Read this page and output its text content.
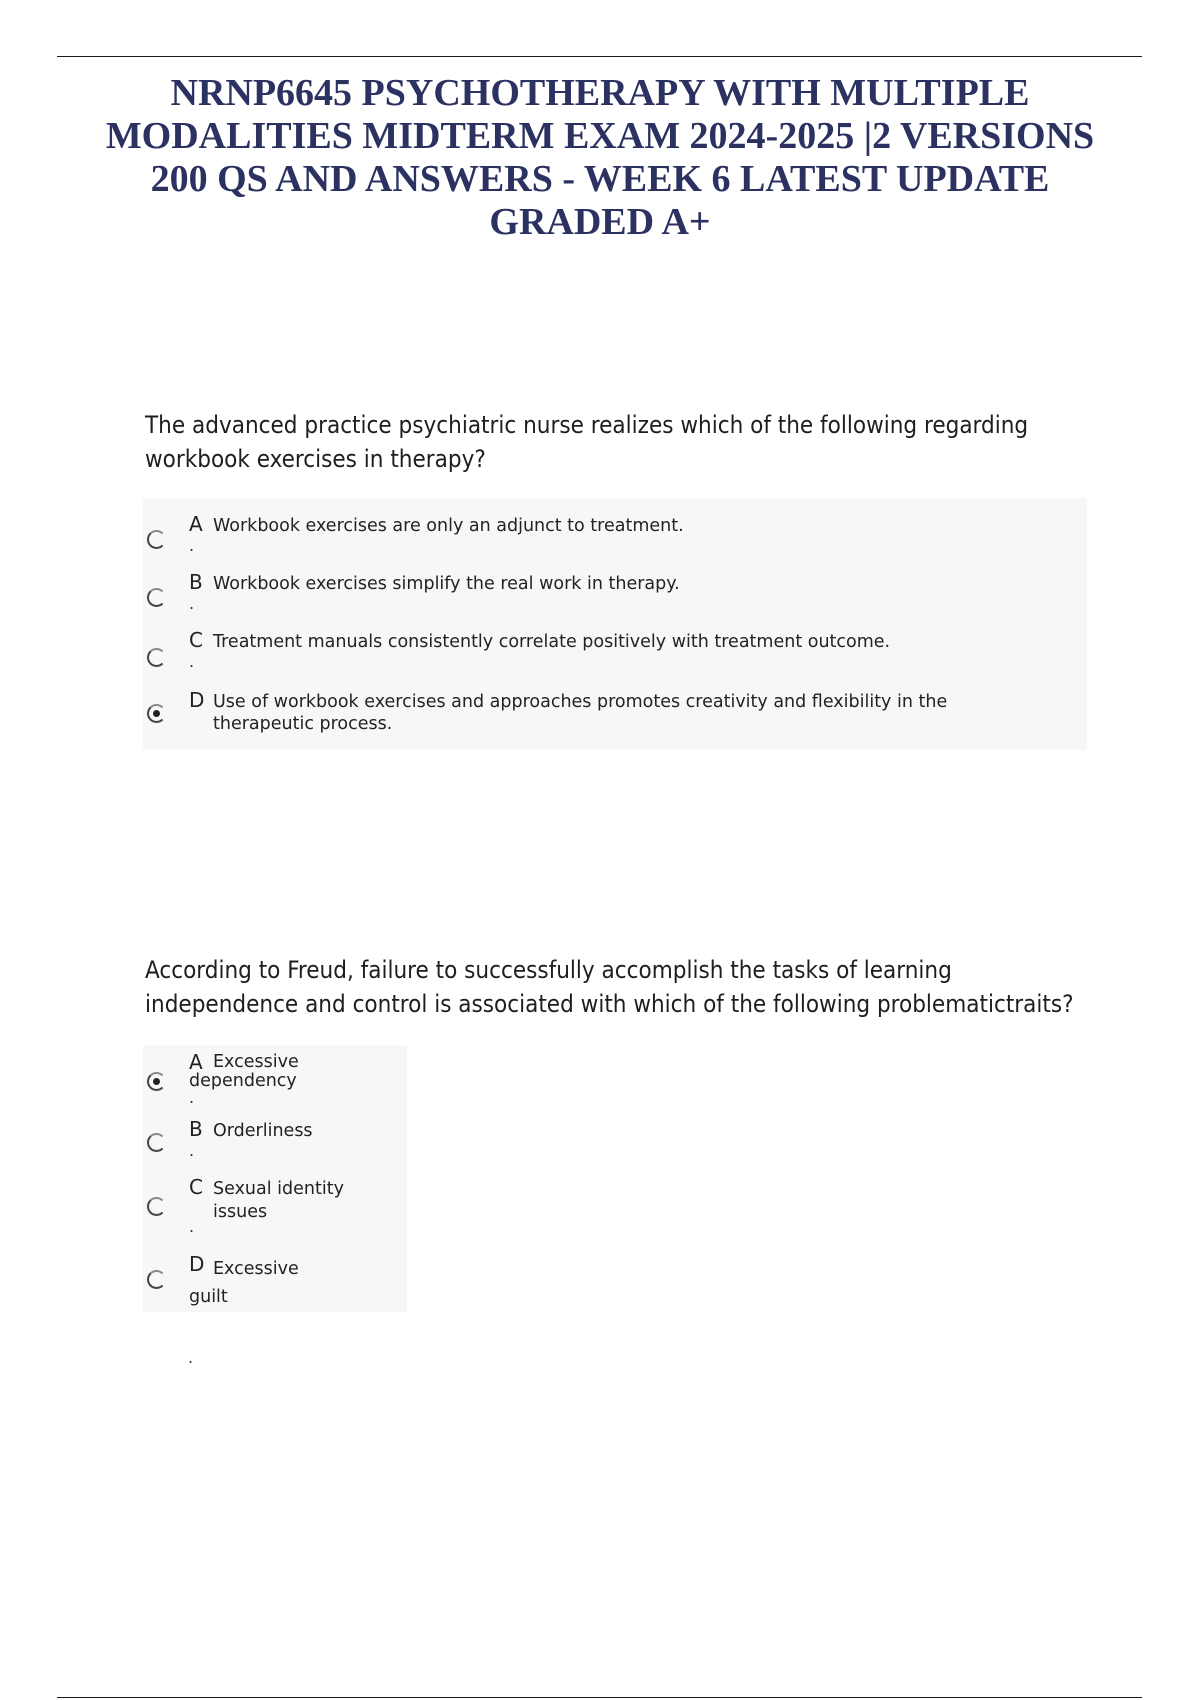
NRNP6645 PSYCHOTHERAPY WITH MULTIPLE MODALITIES MIDTERM EXAM 2024-2025 |2 VERSIONS 200 QS AND ANSWERS - WEEK 6 LATEST UPDATE GRADED A+

The advanced practice psychiatric nurse realizes which of the following regarding workbook exercises in therapy?

A Workbook exercises are only an adjunct to treatment.
.
B Workbook exercises simplify the real work in therapy.
.
C Treatment manuals consistently correlate positively with treatment outcome.
.
D Use of workbook exercises and approaches promotes creativity and flexibility in the therapeutic process.

According to Freud, failure to successfully accomplish the tasks of learning independence and control is associated with which of the following problematictraits?

A Excessive dependency
.
B Orderliness
.
C Sexual identity issues
.
D Excessive guilt
.
